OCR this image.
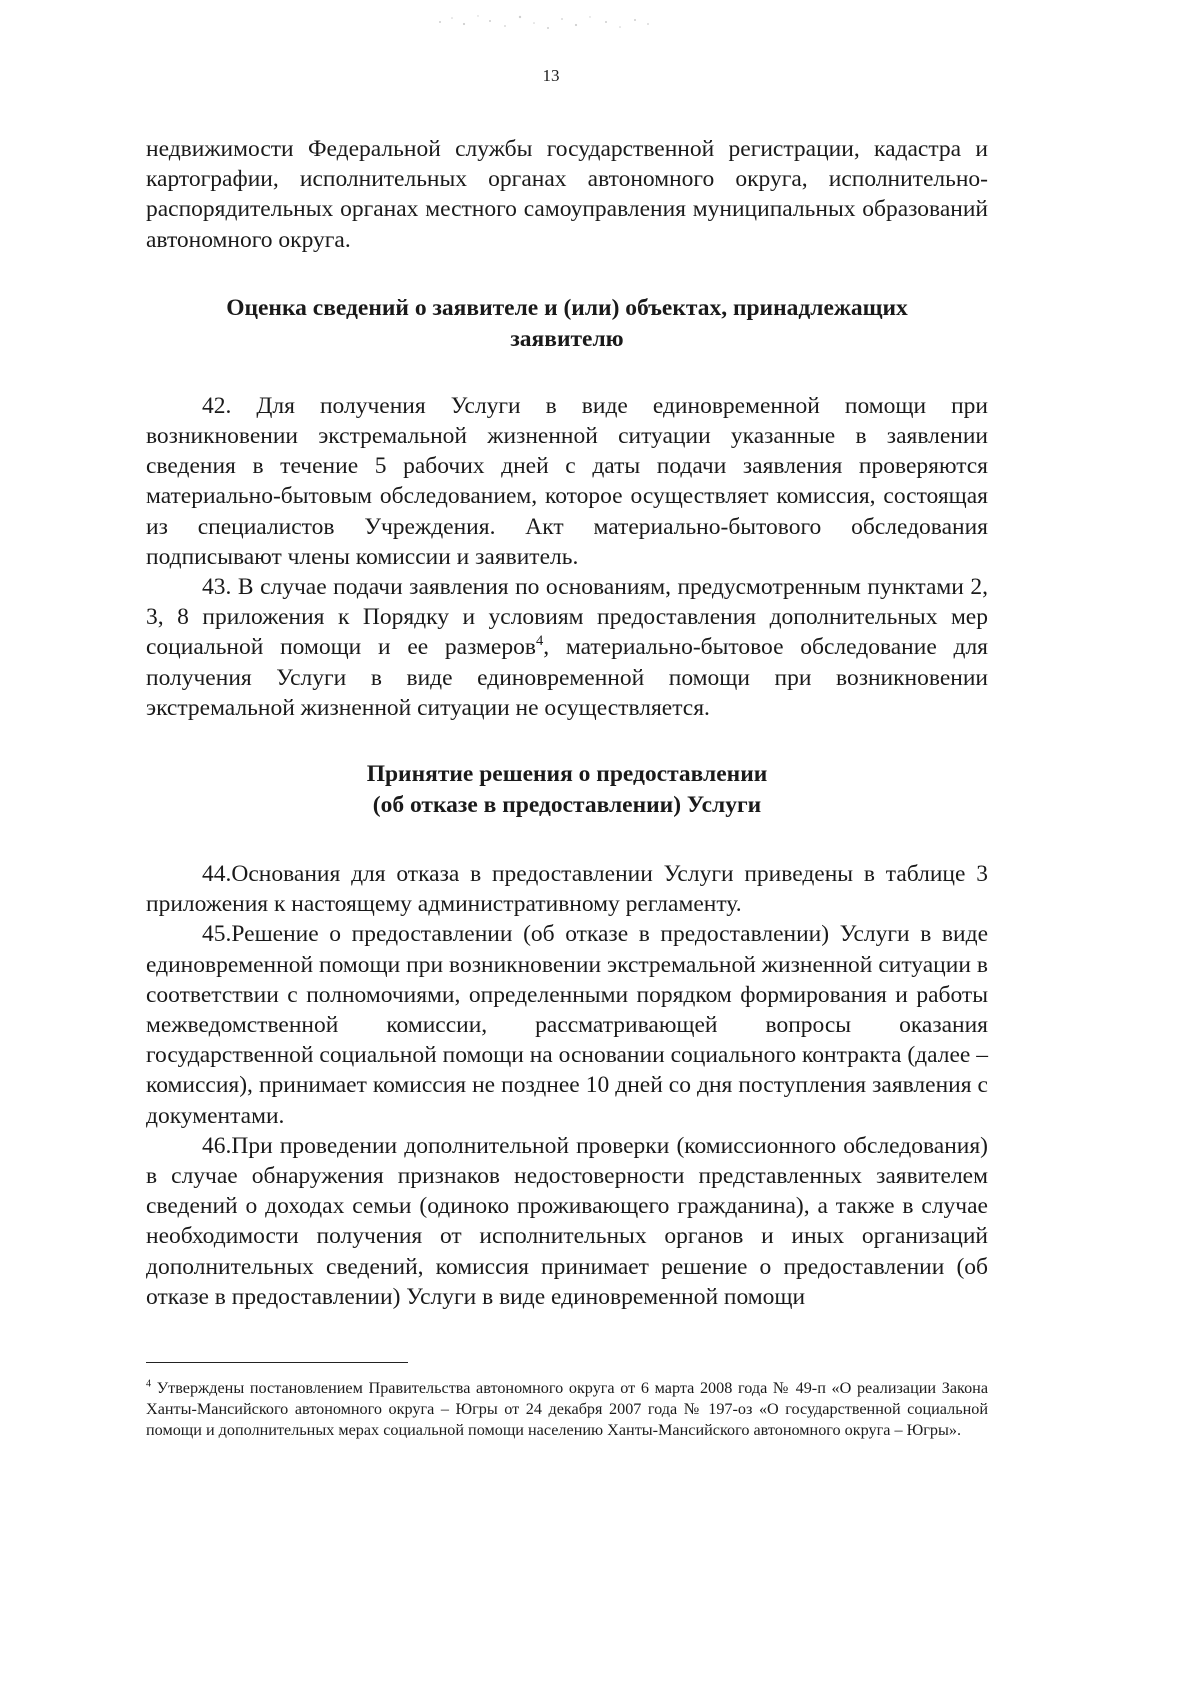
13

недвижимости Федеральной службы государственной регистрации, кадастра и картографии, исполнительных органах автономного округа, исполнительно-распорядительных органах местного самоуправления муниципальных образований автономного округа.

Оценка сведений о заявителе и (или) объектах, принадлежащих
заявителю

42. Для получения Услуги в виде единовременной помощи при возникновении экстремальной жизненной ситуации указанные в заявлении сведения в течение 5 рабочих дней с даты подачи заявления проверяются материально-бытовым обследованием, которое осуществляет комиссия, состоящая из специалистов Учреждения. Акт материально-бытового обследования подписывают члены комиссии и заявитель.

43. В случае подачи заявления по основаниям, предусмотренным пунктами 2, 3, 8 приложения к Порядку и условиям предоставления дополнительных мер социальной помощи и ее размеров$^4$, материально-бытовое обследование для получения Услуги в виде единовременной помощи при возникновении экстремальной жизненной ситуации не осуществляется.

Принятие решения о предоставлении
(об отказе в предоставлении) Услуги

44.Основания для отказа в предоставлении Услуги приведены в таблице 3 приложения к настоящему административному регламенту.

45.Решение о предоставлении (об отказе в предоставлении) Услуги в виде единовременной помощи при возникновении экстремальной жизненной ситуации в соответствии с полномочиями, определенными порядком формирования и работы межведомственной комиссии, рассматривающей вопросы оказания государственной социальной помощи на основании социального контракта (далее – комиссия), принимает комиссия не позднее 10 дней со дня поступления заявления с документами.

46.При проведении дополнительной проверки (комиссионного обследования) в случае обнаружения признаков недостоверности представленных заявителем сведений о доходах семьи (одиноко проживающего гражданина), а также в случае необходимости получения от исполнительных органов и иных организаций дополнительных сведений, комиссия принимает решение о предоставлении (об отказе в предоставлении) Услуги в виде единовременной помощи

$^4$ Утверждены постановлением Правительства автономного округа от 6 марта 2008 года № 49-п «О реализации Закона Ханты-Мансийского автономного округа – Югры от 24 декабря 2007 года № 197-оз «О государственной социальной помощи и дополнительных мерах социальной помощи населению Ханты-Мансийского автономного округа – Югры».
